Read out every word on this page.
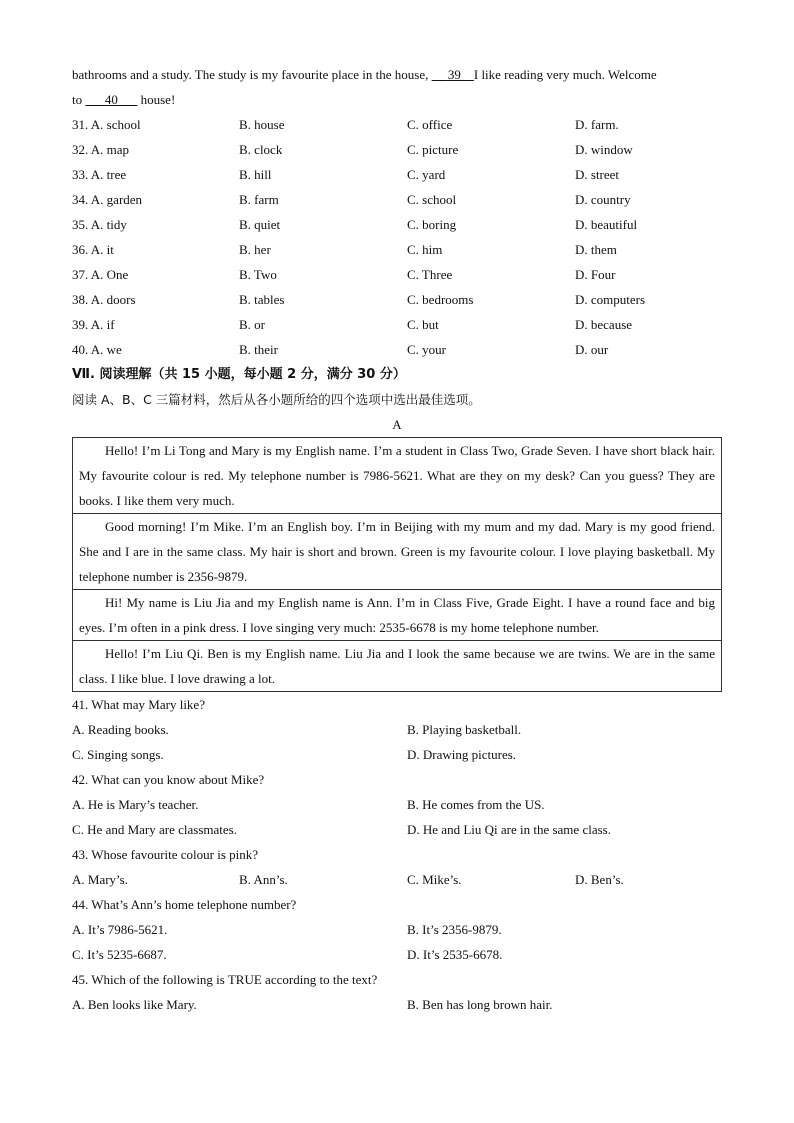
bathrooms and a study. The study is my favourite place in the house,      39 I like reading very much. Welcome
to       40       house!
31. A. school	B. house	C. office	D. farm.
32. A. map	B. clock	C. picture	D. window
33. A. tree	B. hill	C. yard	D. street
34. A. garden	B. farm	C. school	D. country
35. A. tidy	B. quiet	C. boring	D. beautiful
36. A. it	B. her	C. him	D. them
37. A. One	B. Two	C. Three	D. Four
38. A. doors	B. tables	C. bedrooms	D. computers
39. A. if	B. or	C. but	D. because
40. A. we	B. their	C. your	D. our
Ⅶ. 阅读理解（共 15 小题，每小题 2 分，满分 30 分）
阅读 A、B、C 三篇材料，然后从各小题所给的四个选项中选出最佳选项。
A
Hello! I’m Li Tong and Mary is my English name. I’m a student in Class Two, Grade Seven. I have short black hair. My favourite colour is red. My telephone number is 7986-5621. What are they on my desk? Can you guess? They are books. I like them very much.
Good morning! I’m Mike. I’m an English boy. I’m in Beijing with my mum and my dad. Mary is my good friend. She and I are in the same class. My hair is short and brown. Green is my favourite colour. I love playing basketball. My telephone number is 2356-9879.
Hi! My name is Liu Jia and my English name is Ann. I’m in Class Five, Grade Eight. I have a round face and big eyes. I’m often in a pink dress. I love singing very much: 2535-6678 is my home telephone number.
Hello! I’m Liu Qi. Ben is my English name. Liu Jia and I look the same because we are twins. We are in the same class. I like blue. I love drawing a lot.
41. What may Mary like?
A. Reading books.	B. Playing basketball.
C. Singing songs.	D. Drawing pictures.
42. What can you know about Mike?
A. He is Mary’s teacher.	B. He comes from the US.
C. He and Mary are classmates.	D. He and Liu Qi are in the same class.
43. Whose favourite colour is pink?
A. Mary’s.	B. Ann’s.	C. Mike’s.	D. Ben’s.
44. What’s Ann’s home telephone number?
A. It’s 7986-5621.	B. It’s 2356-9879.
C. It’s 5235-6687.	D. It’s 2535-6678.
45. Which of the following is TRUE according to the text?
A. Ben looks like Mary.	B. Ben has long brown hair.
